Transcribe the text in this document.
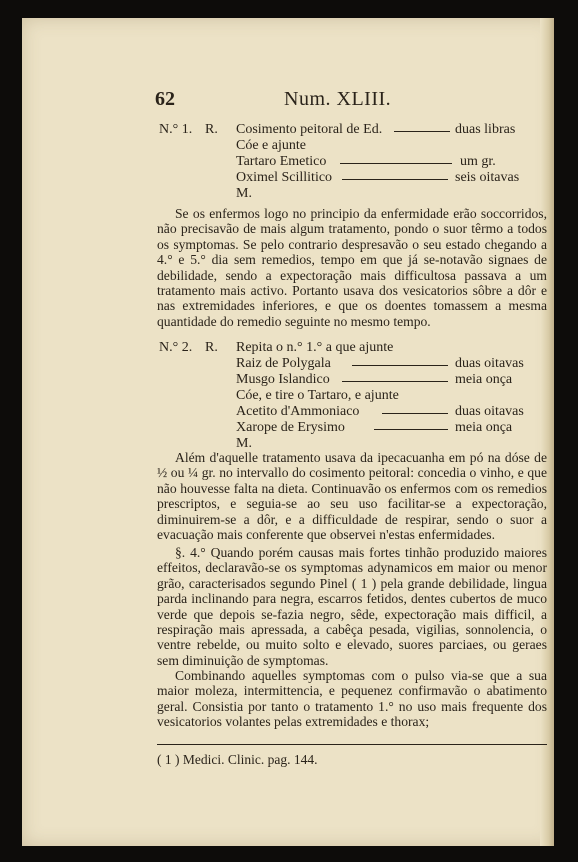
62	Num. XLIII.
N.° 1. R. Cosimento peitoral de Ed.	duas libras
Cóe e ajunte
Tartaro Emetico	um gr.
Oximel Scillitico	seis oitavas
M.

Se os enfermos logo no principio da enfermidade erão soccorridos, não precisavão de mais algum tratamento, pondo o suor têrmo a todos os symptomas. Se pelo contrario despresavão o seu estado chegando a 4.° e 5.° dia sem remedios, tempo em que já se-notavão signaes de debilidade, sendo a expectoração mais difficultosa passava a um tratamento mais activo. Portanto usava dos vesicatorios sôbre a dôr e nas extremidades inferiores, e que os doentes tomassem a mesma quantidade do remedio seguinte no mesmo tempo.

N.° 2. R. Repita o n.° 1.° a que ajunte
Raiz de Polygala	duas oitavas
Musgo Islandico	meia onça
Cóe, e tire o Tartaro, e ajunte
Acetito d'Ammoniaco	duas oitavas
Xarope de Erysimo	meia onça
M.

Além d'aquelle tratamento usava da ipecacuanha em pó na dóse de ½ ou ¼ gr. no intervallo do cosimento peitoral: concedia o vinho, e que não houvesse falta na dieta. Continuavão os enfermos com os remedios prescriptos, e seguia-se ao seu uso facilitar-se a expectoração, diminuirem-se a dôr, e a difficuldade de respirar, sendo o suor a evacuação mais conferente que observei n'estas enfermidades.

§. 4.° Quando porém causas mais fortes tinhão produzido maiores effeitos, declaravão-se os symptomas adynamicos em maior ou menor grão, caracterisados segundo Pinel ( 1 ) pela grande debilidade, lingua parda inclinando para negra, escarros fetidos, dentes cubertos de muco verde que depois se-fazia negro, sêde, expectoração mais difficil, a respiração mais apressada, a cabêça pesada, vigilias, sonnolencia, o ventre rebelde, ou muito solto e elevado, suores parciaes, ou geraes sem diminuição de symptomas.

Combinando aquelles symptomas com o pulso via-se que a sua maior moleza, intermittencia, e pequenez confirmavão o abatimento geral. Consistia por tanto o tratamento 1.° no uso mais frequente dos vesicatorios volantes pelas extremidades e thorax;

( 1 ) Medici. Clinic. pag. 144.
